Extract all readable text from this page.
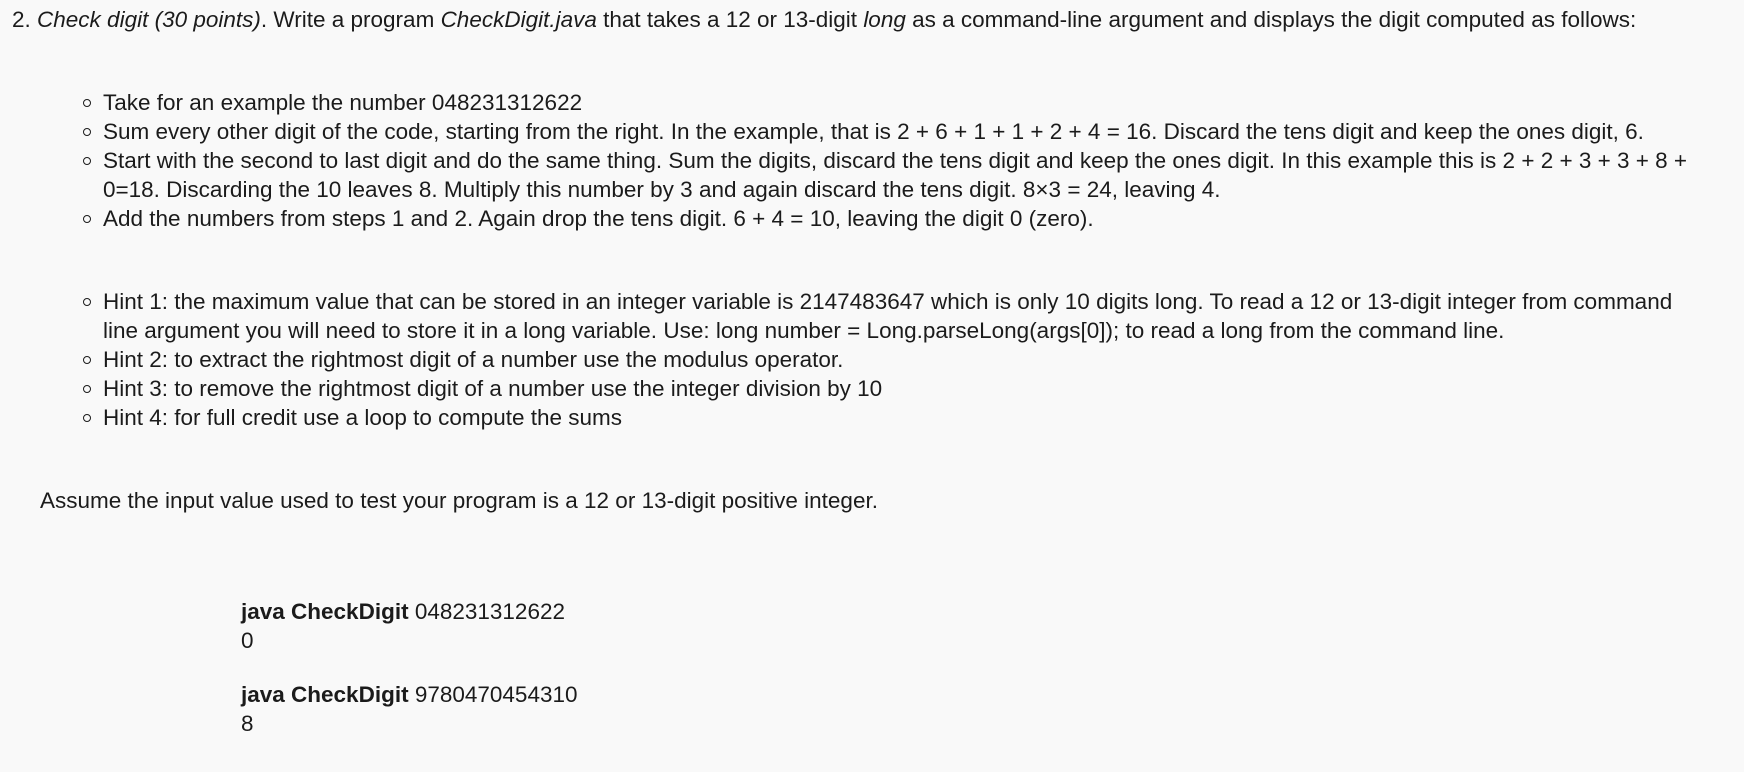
2. Check digit (30 points). Write a program CheckDigit.java that takes a 12 or 13-digit long as a command-line argument and displays the digit computed as follows:

Take for an example the number 048231312622
Sum every other digit of the code, starting from the right. In the example, that is 2 + 6 + 1 + 1 + 2 + 4 = 16. Discard the tens digit and keep the ones digit, 6.
Start with the second to last digit and do the same thing. Sum the digits, discard the tens digit and keep the ones digit. In this example this is 2 + 2 + 3 + 3 + 8 + 0=18. Discarding the 10 leaves 8. Multiply this number by 3 and again discard the tens digit. 8×3 = 24, leaving 4.
Add the numbers from steps 1 and 2. Again drop the tens digit. 6 + 4 = 10, leaving the digit 0 (zero).
Hint 1: the maximum value that can be stored in an integer variable is 2147483647 which is only 10 digits long. To read a 12 or 13-digit integer from command line argument you will need to store it in a long variable. Use: long number = Long.parseLong(args[0]); to read a long from the command line.
Hint 2: to extract the rightmost digit of a number use the modulus operator.
Hint 3: to remove the rightmost digit of a number use the integer division by 10
Hint 4: for full credit use a loop to compute the sums
Assume the input value used to test your program is a 12 or 13-digit positive integer.
java CheckDigit 048231312622
0
java CheckDigit 9780470454310
8
